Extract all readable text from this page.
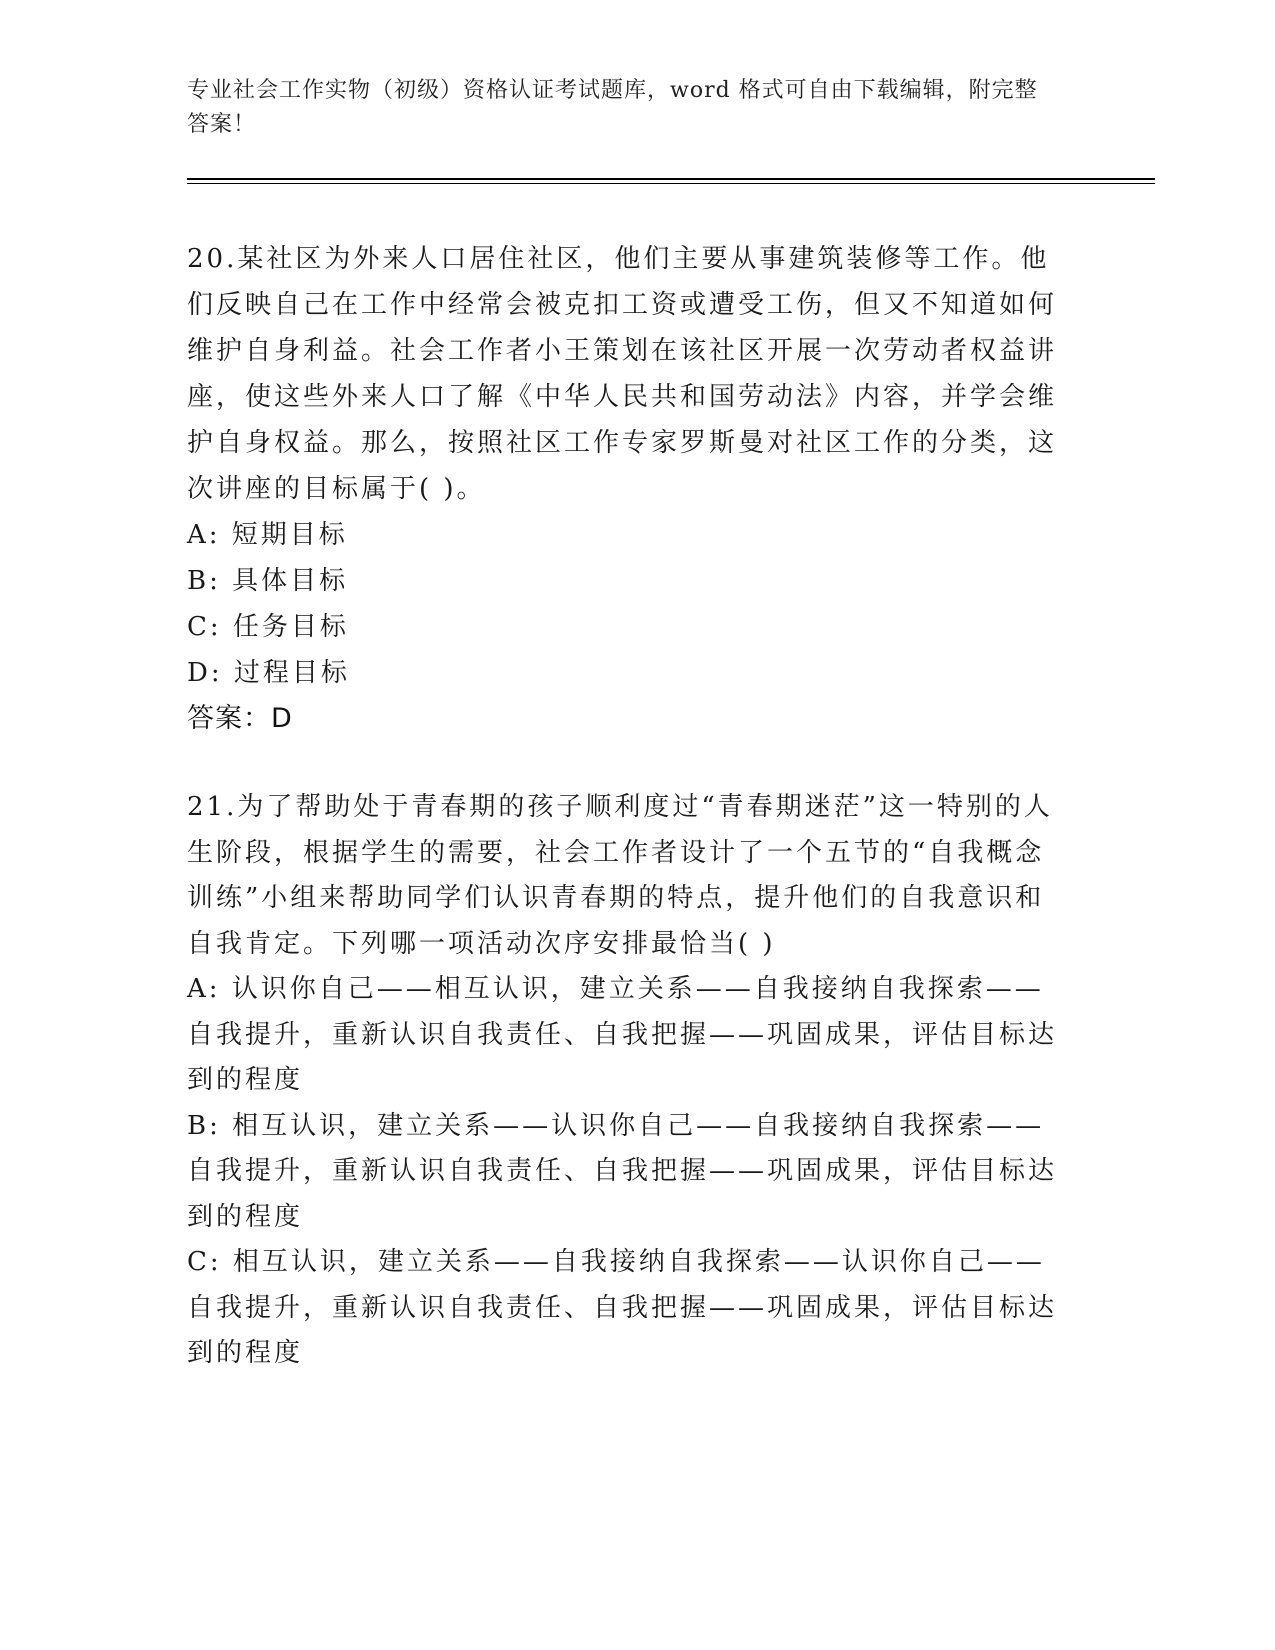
专业社会工作实物（初级）资格认证考试题库，word 格式可自由下载编辑，附完整答案！

20.某社区为外来人口居住社区，他们主要从事建筑装修等工作。他们反映自己在工作中经常会被克扣工资或遭受工伤，但又不知道如何维护自身利益。社会工作者小王策划在该社区开展一次劳动者权益讲座，使这些外来人口了解《中华人民共和国劳动法》内容，并学会维护自身权益。那么，按照社区工作专家罗斯曼对社区工作的分类，这次讲座的目标属于( )。

A: 短期目标

B: 具体目标

C: 任务目标

D: 过程目标

答案：D

21.为了帮助处于青春期的孩子顺利度过“青春期迷茫”这一特别的人生阶段，根据学生的需要，社会工作者设计了一个五节的“自我概念训练”小组来帮助同学们认识青春期的特点，提升他们的自我意识和自我肯定。下列哪一项活动次序安排最恰当( )

A: 认识你自己——相互认识，建立关系——自我接纳自我探索——自我提升，重新认识自我责任、自我把握——巩固成果，评估目标达到的程度

B: 相互认识，建立关系——认识你自己——自我接纳自我探索——自我提升，重新认识自我责任、自我把握——巩固成果，评估目标达到的程度

C: 相互认识，建立关系——自我接纳自我探索——认识你自己——自我提升，重新认识自我责任、自我把握——巩固成果，评估目标达到的程度
